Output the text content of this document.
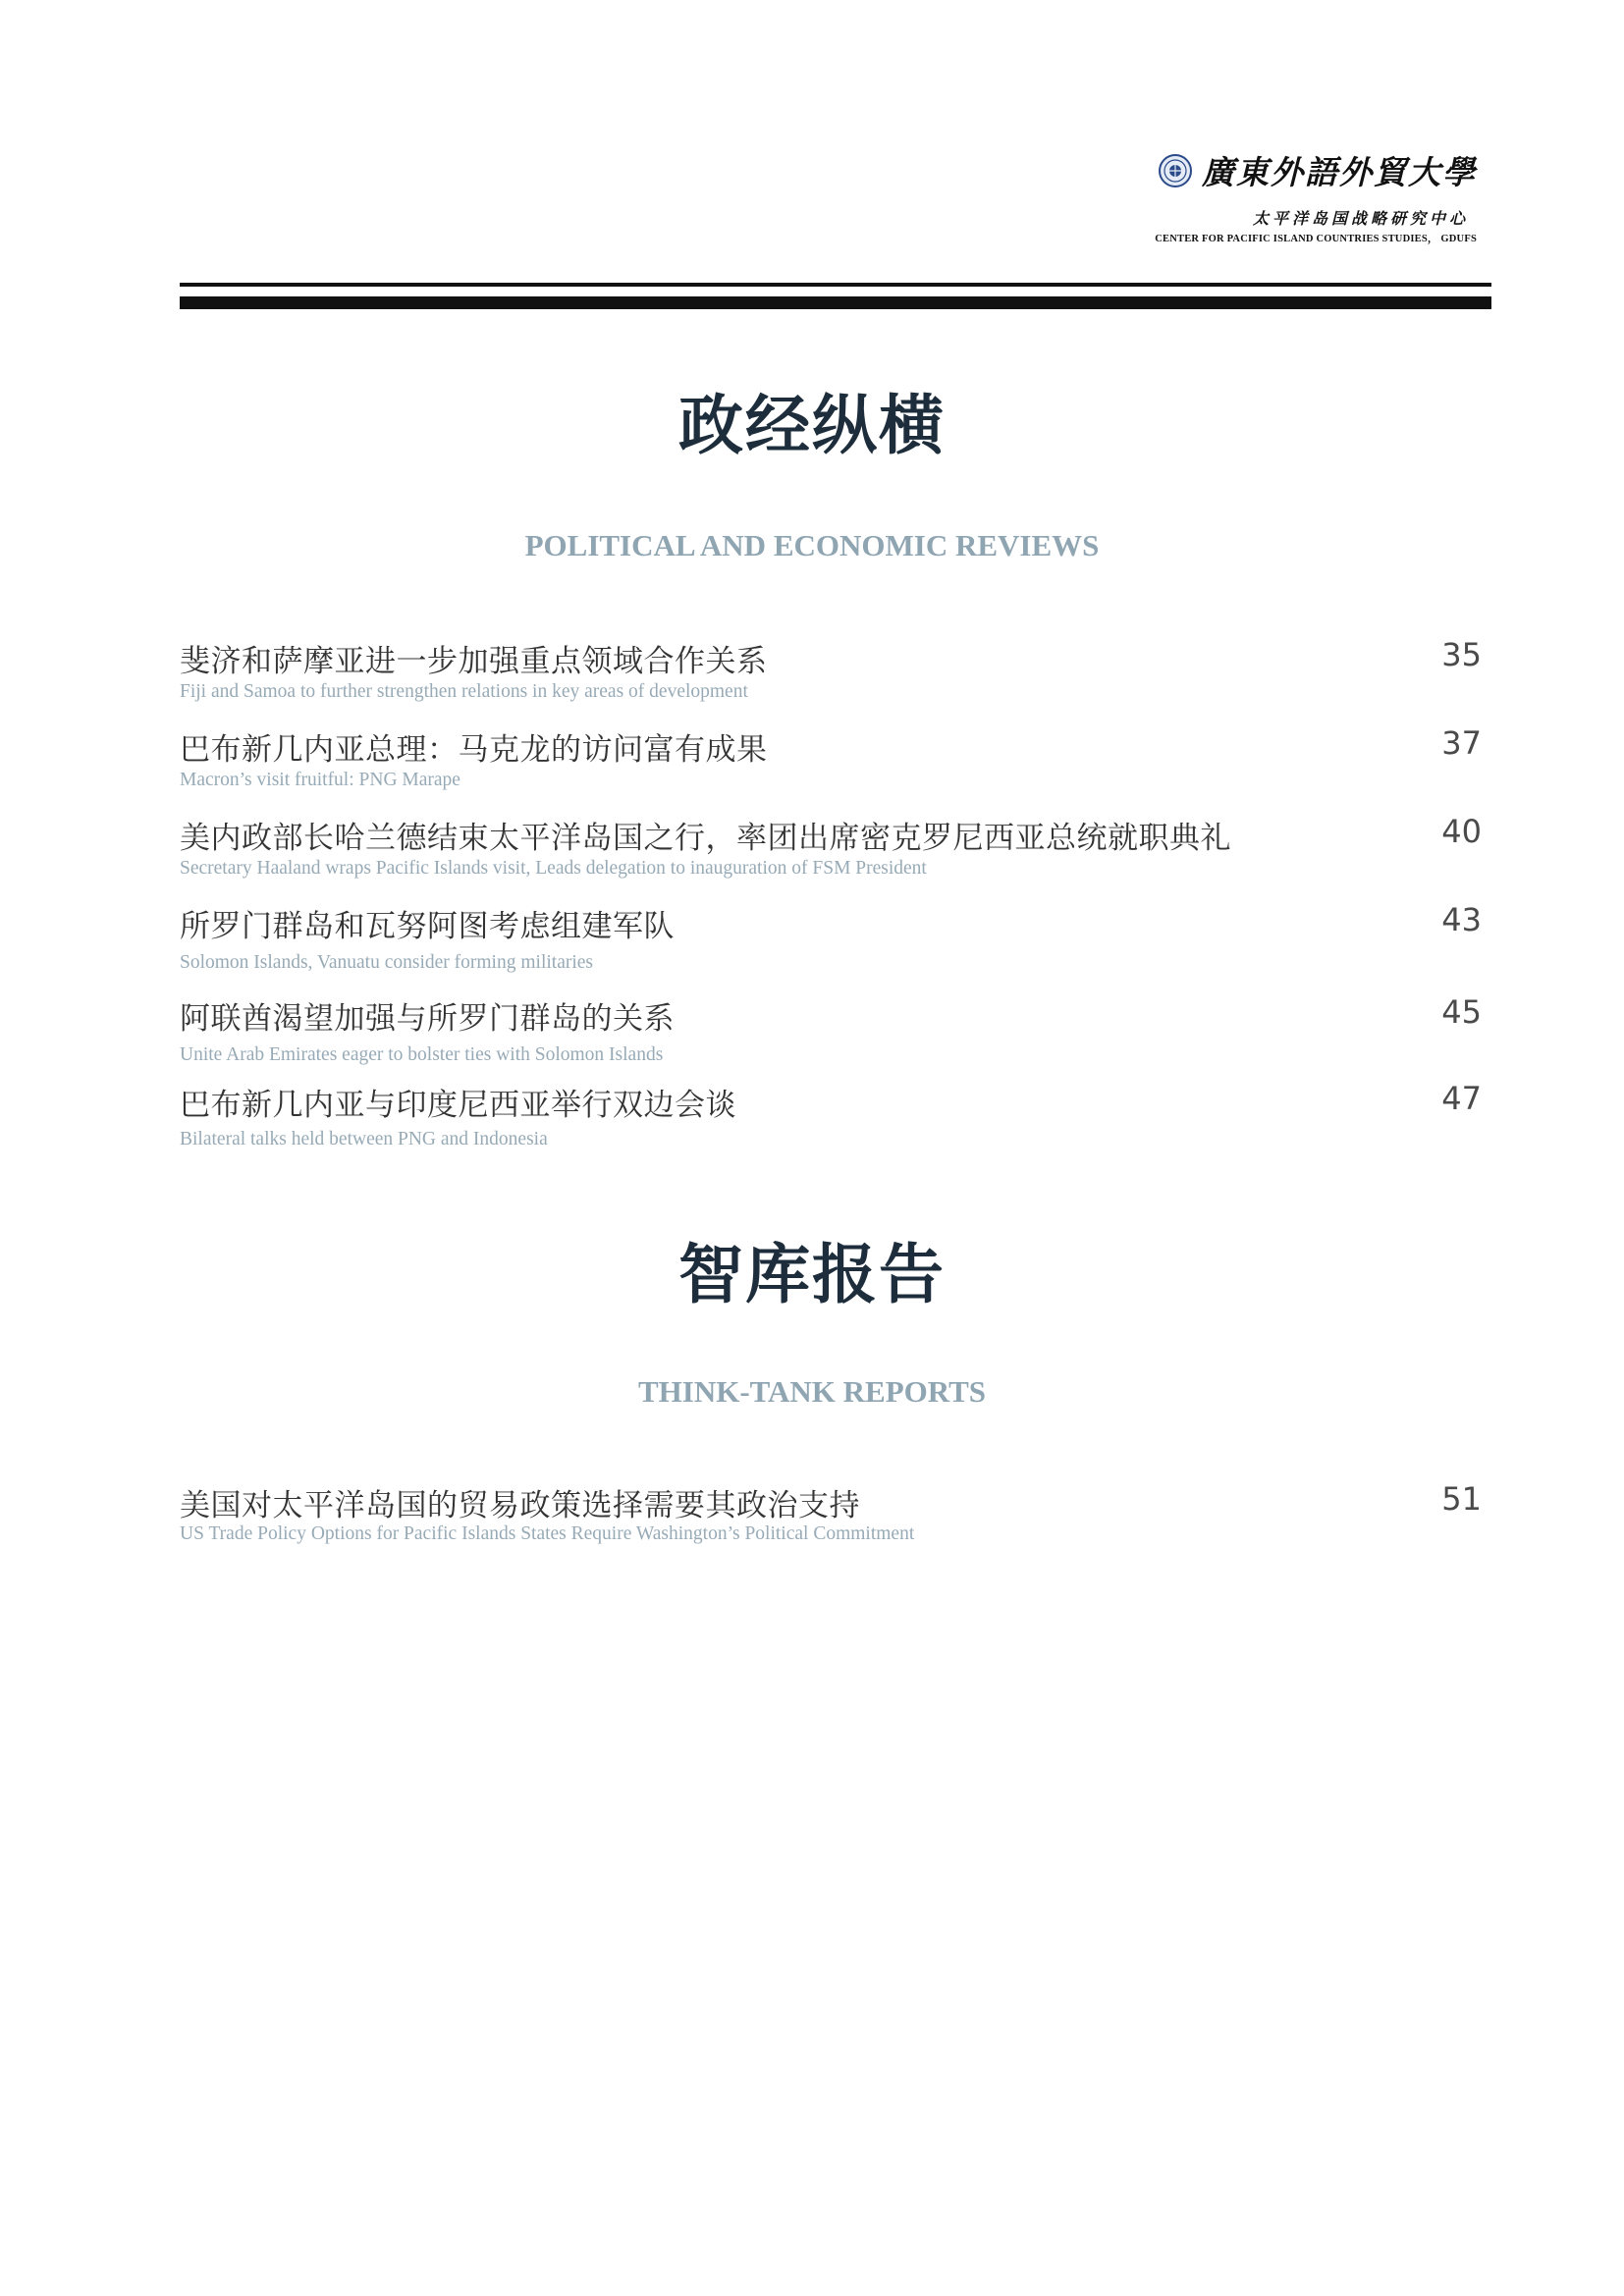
廣東外語外貿大學
太平洋岛国战略研究中心
CENTER FOR PACIFIC ISLAND COUNTRIES STUDIES， GDUFS
政经纵横
POLITICAL AND ECONOMIC REVIEWS
斐济和萨摩亚进一步加强重点领域合作关系
Fiji and Samoa to further strengthen relations in key areas of development
35
巴布新几内亚总理：马克龙的访问富有成果
Macron’s visit fruitful: PNG Marape
37
美内政部长哈兰德结束太平洋岛国之行，率团出席密克罗尼西亚总统就职典礼
Secretary Haaland wraps Pacific Islands visit, Leads delegation to inauguration of FSM President
40
所罗门群岛和瓦努阿图考虑组建军队
Solomon Islands, Vanuatu consider forming militaries
43
阿联酋渴望加强与所罗门群岛的关系
Unite Arab Emirates eager to bolster ties with Solomon Islands
45
巴布新几内亚与印度尼西亚举行双边会谈
Bilateral talks held between PNG and Indonesia
47
智库报告
THINK-TANK REPORTS
美国对太平洋岛国的贸易政策选择需要其政治支持
US Trade Policy Options for Pacific Islands States Require Washington’s Political Commitment
51
